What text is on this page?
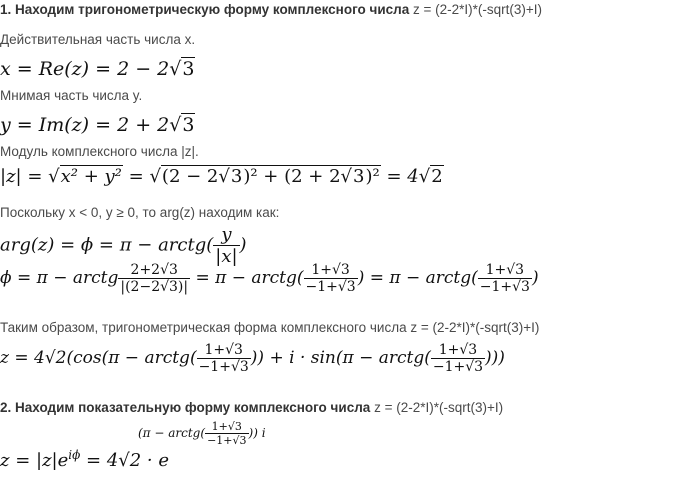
1. Находим тригонометрическую форму комплексного числа z = (2-2*I)*(-sqrt(3)+I)
Действительная часть числа x.
x = Re(z) = 2 − 2√3
Мнимая часть числа y.
y = Im(z) = 2 + 2√3
Модуль комплексного числа |z|.
|z| = √x² + y² = √(2 − 2√3)² + (2 + 2√3)² = 4√2
Поскольку x < 0, y ≥ 0, то arg(z) находим как:
arg(z) = ϕ = π − arctg( $\frac{y}{|x|}$ )
ϕ = π − arctg $\frac{2+2√3}{|(2-2√3)|} = \pi$ − arctg( $\frac{1+√3}{-1+√3}$ ) = π − arctg( $\frac{1+√3}{-1+√3}$ )
Таким образом, тригонометрическая форма комплексного числа z = (2-2*I)*(-sqrt(3)+I)
z = 4√2(cos(π − arctg( $\frac{1+√3}{-1+√3}$ )) + i · sin(π − arctg( $\frac{1+√3}{-1+√3}$ )))
2. Находим показательную форму комплексного числа z = (2-2*I)*(-sqrt(3)+I)
$z = |z|e^{i\phi} = 4√2 \cdot e$
(π − arctg( $\frac{1+√3}{-1+√3}$ )) i
